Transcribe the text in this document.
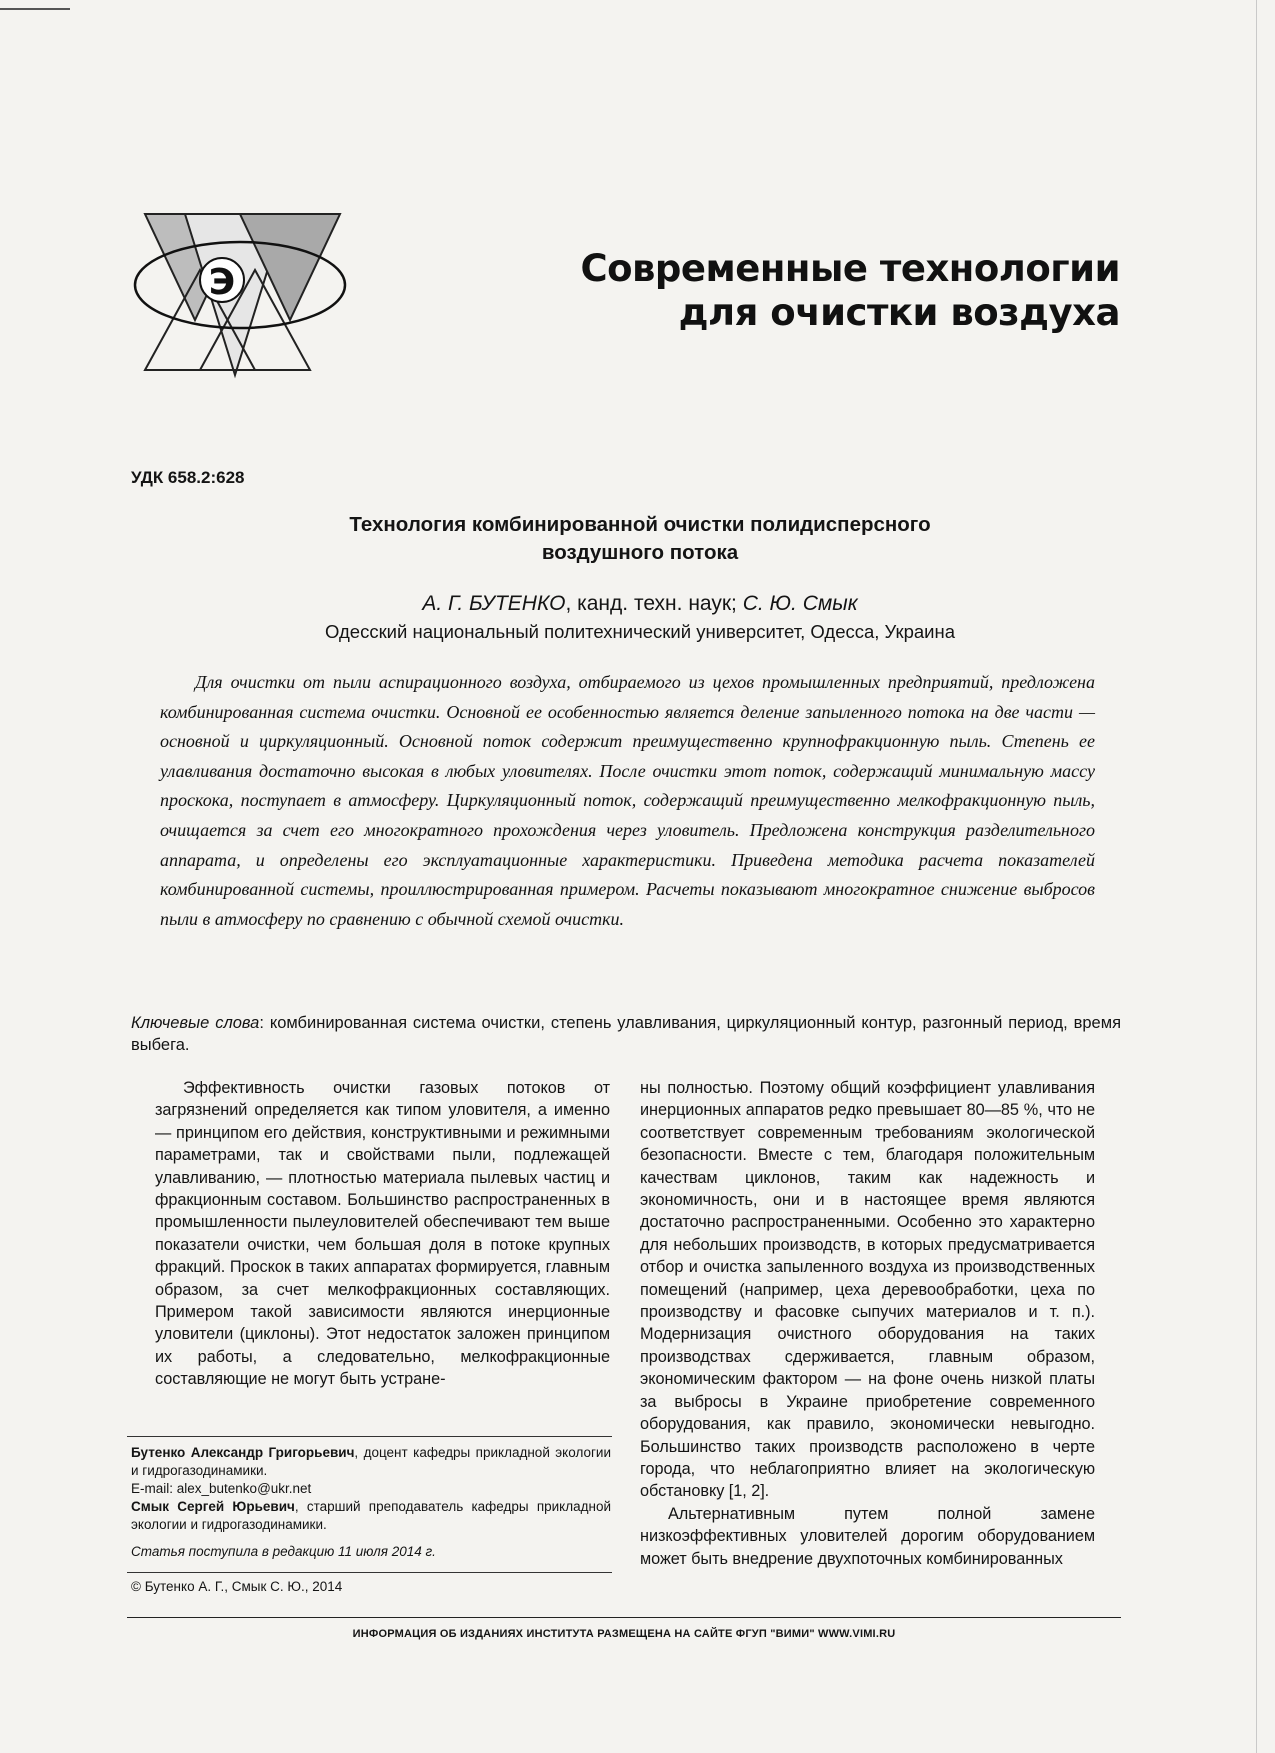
Э	Современные технологии
для очистки воздуха
УДК 658.2:628
Технология комбинированной очистки полидисперсного
воздушного потока
А. Г. БУТЕНКО, канд. техн. наук; С. Ю. Смык
Одесский национальный политехнический университет, Одесса, Украина

Для очистки от пыли аспирационного воздуха, отбираемого из цехов промышленных предприятий, предложена комбинированная система очистки. Основной ее особенностью является деление запыленного потока на две части — основной и циркуляционный. Основной поток содержит преимущественно крупнофракционную пыль. Степень ее улавливания достаточно высокая в любых уловителях. После очистки этот поток, содержащий минимальную массу проскока, поступает в атмосферу. Циркуляционный поток, содержащий преимущественно мелкофракционную пыль, очищается за счет его многократного прохождения через уловитель. Предложена конструкция разделительного аппарата, и определены его эксплуатационные характеристики. Приведена методика расчета показателей комбинированной системы, проиллюстрированная примером. Расчеты показывают многократное снижение выбросов пыли в атмосферу по сравнению с обычной схемой очистки.

Ключевые слова: комбинированная система очистки, степень улавливания, циркуляционный контур, разгонный период, время выбега.

Эффективность очистки газовых потоков от загрязнений определяется как типом уловителя, а именно — принципом его действия, конструктивными и режимными параметрами, так и свойствами пыли, подлежащей улавливанию, — плотностью материала пылевых частиц и фракционным составом. Большинство распространенных в промышленности пылеуловителей обеспечивают тем выше показатели очистки, чем большая доля в потоке крупных фракций. Проскок в таких аппаратах формируется, главным образом, за счет мелкофракционных составляющих. Примером такой зависимости являются инерционные уловители (циклоны). Этот недостаток заложен принципом их работы, а следовательно, мелкофракционные составляющие не могут быть устране-

ны полностью. Поэтому общий коэффициент улавливания инерционных аппаратов редко превышает 80—85 %, что не соответствует современным требованиям экологической безопасности. Вместе с тем, благодаря положительным качествам циклонов, таким как надежность и экономичность, они и в настоящее время являются достаточно распространенными. Особенно это характерно для небольших производств, в которых предусматривается отбор и очистка запыленного воздуха из производственных помещений (например, цеха деревообработки, цеха по производству и фасовке сыпучих материалов и т. п.). Модернизация очистного оборудования на таких производствах сдерживается, главным образом, экономическим фактором — на фоне очень низкой платы за выбросы в Украине приобретение современного оборудования, как правило, экономически невыгодно. Большинство таких производств расположено в черте города, что неблагоприятно влияет на экологическую обстановку [1, 2].

Альтернативным путем полной замене низкоэффективных уловителей дорогим оборудованием может быть внедрение двухпоточных комбинированных

Бутенко Александр Григорьевич, доцент кафедры прикладной экологии и гидрогазодинамики.

E-mail: alex_butenko@ukr.net

Смык Сергей Юрьевич, старший преподаватель кафедры прикладной экологии и гидрогазодинамики.

Статья поступила в редакцию 11 июля 2014 г.
© Бутенко А. Г., Смык С. Ю., 2014
ИНФОРМАЦИЯ ОБ ИЗДАНИЯХ ИНСТИТУТА РАЗМЕЩЕНА НА САЙТЕ ФГУП "ВИМИ" WWW.VIMI.RU
